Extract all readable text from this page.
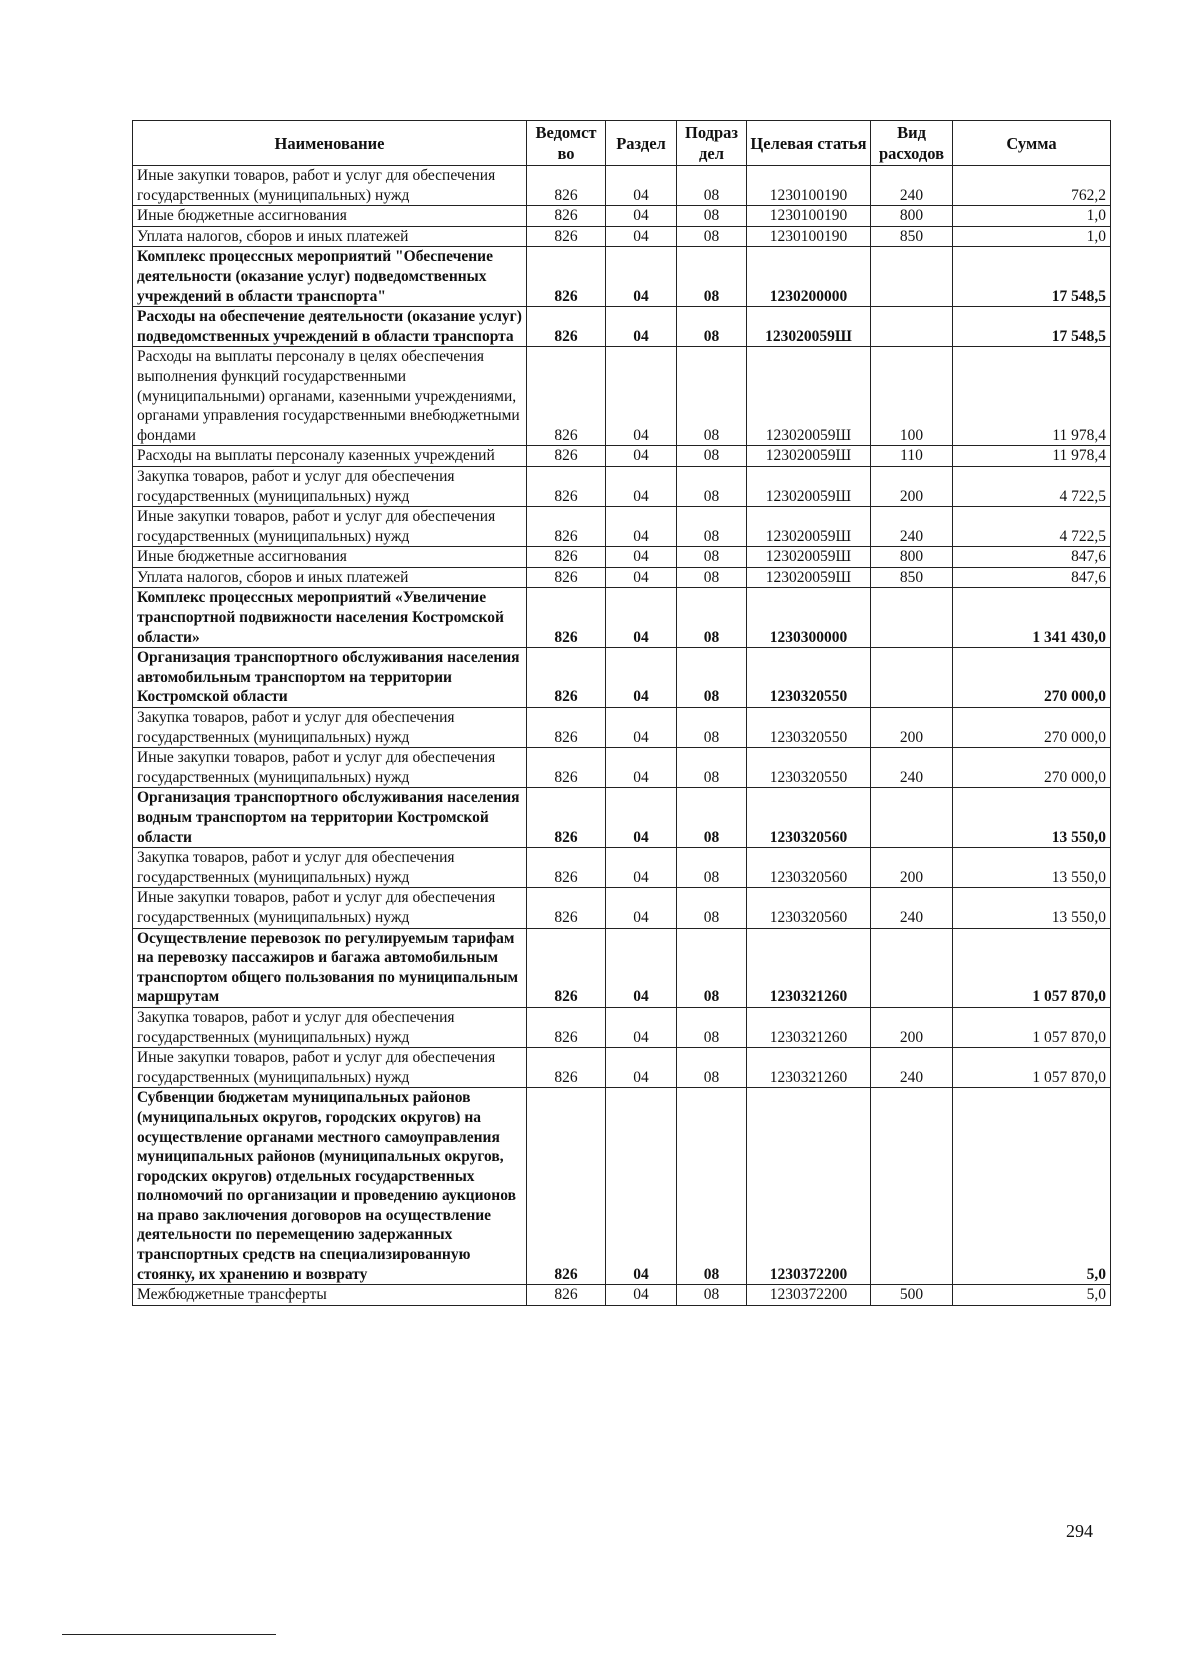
Наименование	Ведомст во	Раздел	Подраз дел	Целевая статья	Вид расходов	Сумма
Иные закупки товаров, работ и услуг для обеспечения государственных (муниципальных) нужд	826	04	08	1230100190	240	762,2
Иные бюджетные ассигнования	826	04	08	1230100190	800	1,0
Уплата налогов, сборов и иных платежей	826	04	08	1230100190	850	1,0
Комплекс процессных мероприятий "Обеспечение деятельности (оказание услуг) подведомственных учреждений в области транспорта"	826	04	08	1230200000		17 548,5
Расходы на обеспечение деятельности (оказание услуг) подведомственных учреждений в области транспорта	826	04	08	123020059Ш		17 548,5
Расходы на выплаты персоналу в целях обеспечения выполнения функций государственными (муниципальными) органами, казенными учреждениями, органами управления государственными внебюджетными фондами	826	04	08	123020059Ш	100	11 978,4
Расходы на выплаты персоналу казенных учреждений	826	04	08	123020059Ш	110	11 978,4
Закупка товаров, работ и услуг для обеспечения государственных (муниципальных) нужд	826	04	08	123020059Ш	200	4 722,5
Иные закупки товаров, работ и услуг для обеспечения государственных (муниципальных) нужд	826	04	08	123020059Ш	240	4 722,5
Иные бюджетные ассигнования	826	04	08	123020059Ш	800	847,6
Уплата налогов, сборов и иных платежей	826	04	08	123020059Ш	850	847,6
Комплекс процессных мероприятий «Увеличение транспортной подвижности населения Костромской области»	826	04	08	1230300000		1 341 430,0
Организация транспортного обслуживания населения автомобильным транспортом на территории Костромской области	826	04	08	1230320550		270 000,0
Закупка товаров, работ и услуг для обеспечения государственных (муниципальных) нужд	826	04	08	1230320550	200	270 000,0
Иные закупки товаров, работ и услуг для обеспечения государственных (муниципальных) нужд	826	04	08	1230320550	240	270 000,0
Организация транспортного обслуживания населения водным транспортом на территории Костромской области	826	04	08	1230320560		13 550,0
Закупка товаров, работ и услуг для обеспечения государственных (муниципальных) нужд	826	04	08	1230320560	200	13 550,0
Иные закупки товаров, работ и услуг для обеспечения государственных (муниципальных) нужд	826	04	08	1230320560	240	13 550,0
Осуществление перевозок по регулируемым тарифам на перевозку пассажиров и багажа автомобильным транспортом общего пользования по муниципальным маршрутам	826	04	08	1230321260		1 057 870,0
Закупка товаров, работ и услуг для обеспечения государственных (муниципальных) нужд	826	04	08	1230321260	200	1 057 870,0
Иные закупки товаров, работ и услуг для обеспечения государственных (муниципальных) нужд	826	04	08	1230321260	240	1 057 870,0
Субвенции бюджетам муниципальных районов (муниципальных округов, городских округов) на осуществление органами местного самоуправления муниципальных районов (муниципальных округов, городских округов) отдельных государственных полномочий по организации и проведению аукционов на право заключения договоров на осуществление деятельности по перемещению задержанных транспортных средств на специализированную стоянку, их хранению и возврату	826	04	08	1230372200		5,0
Межбюджетные трансферты	826	04	08	1230372200	500	5,0
294
